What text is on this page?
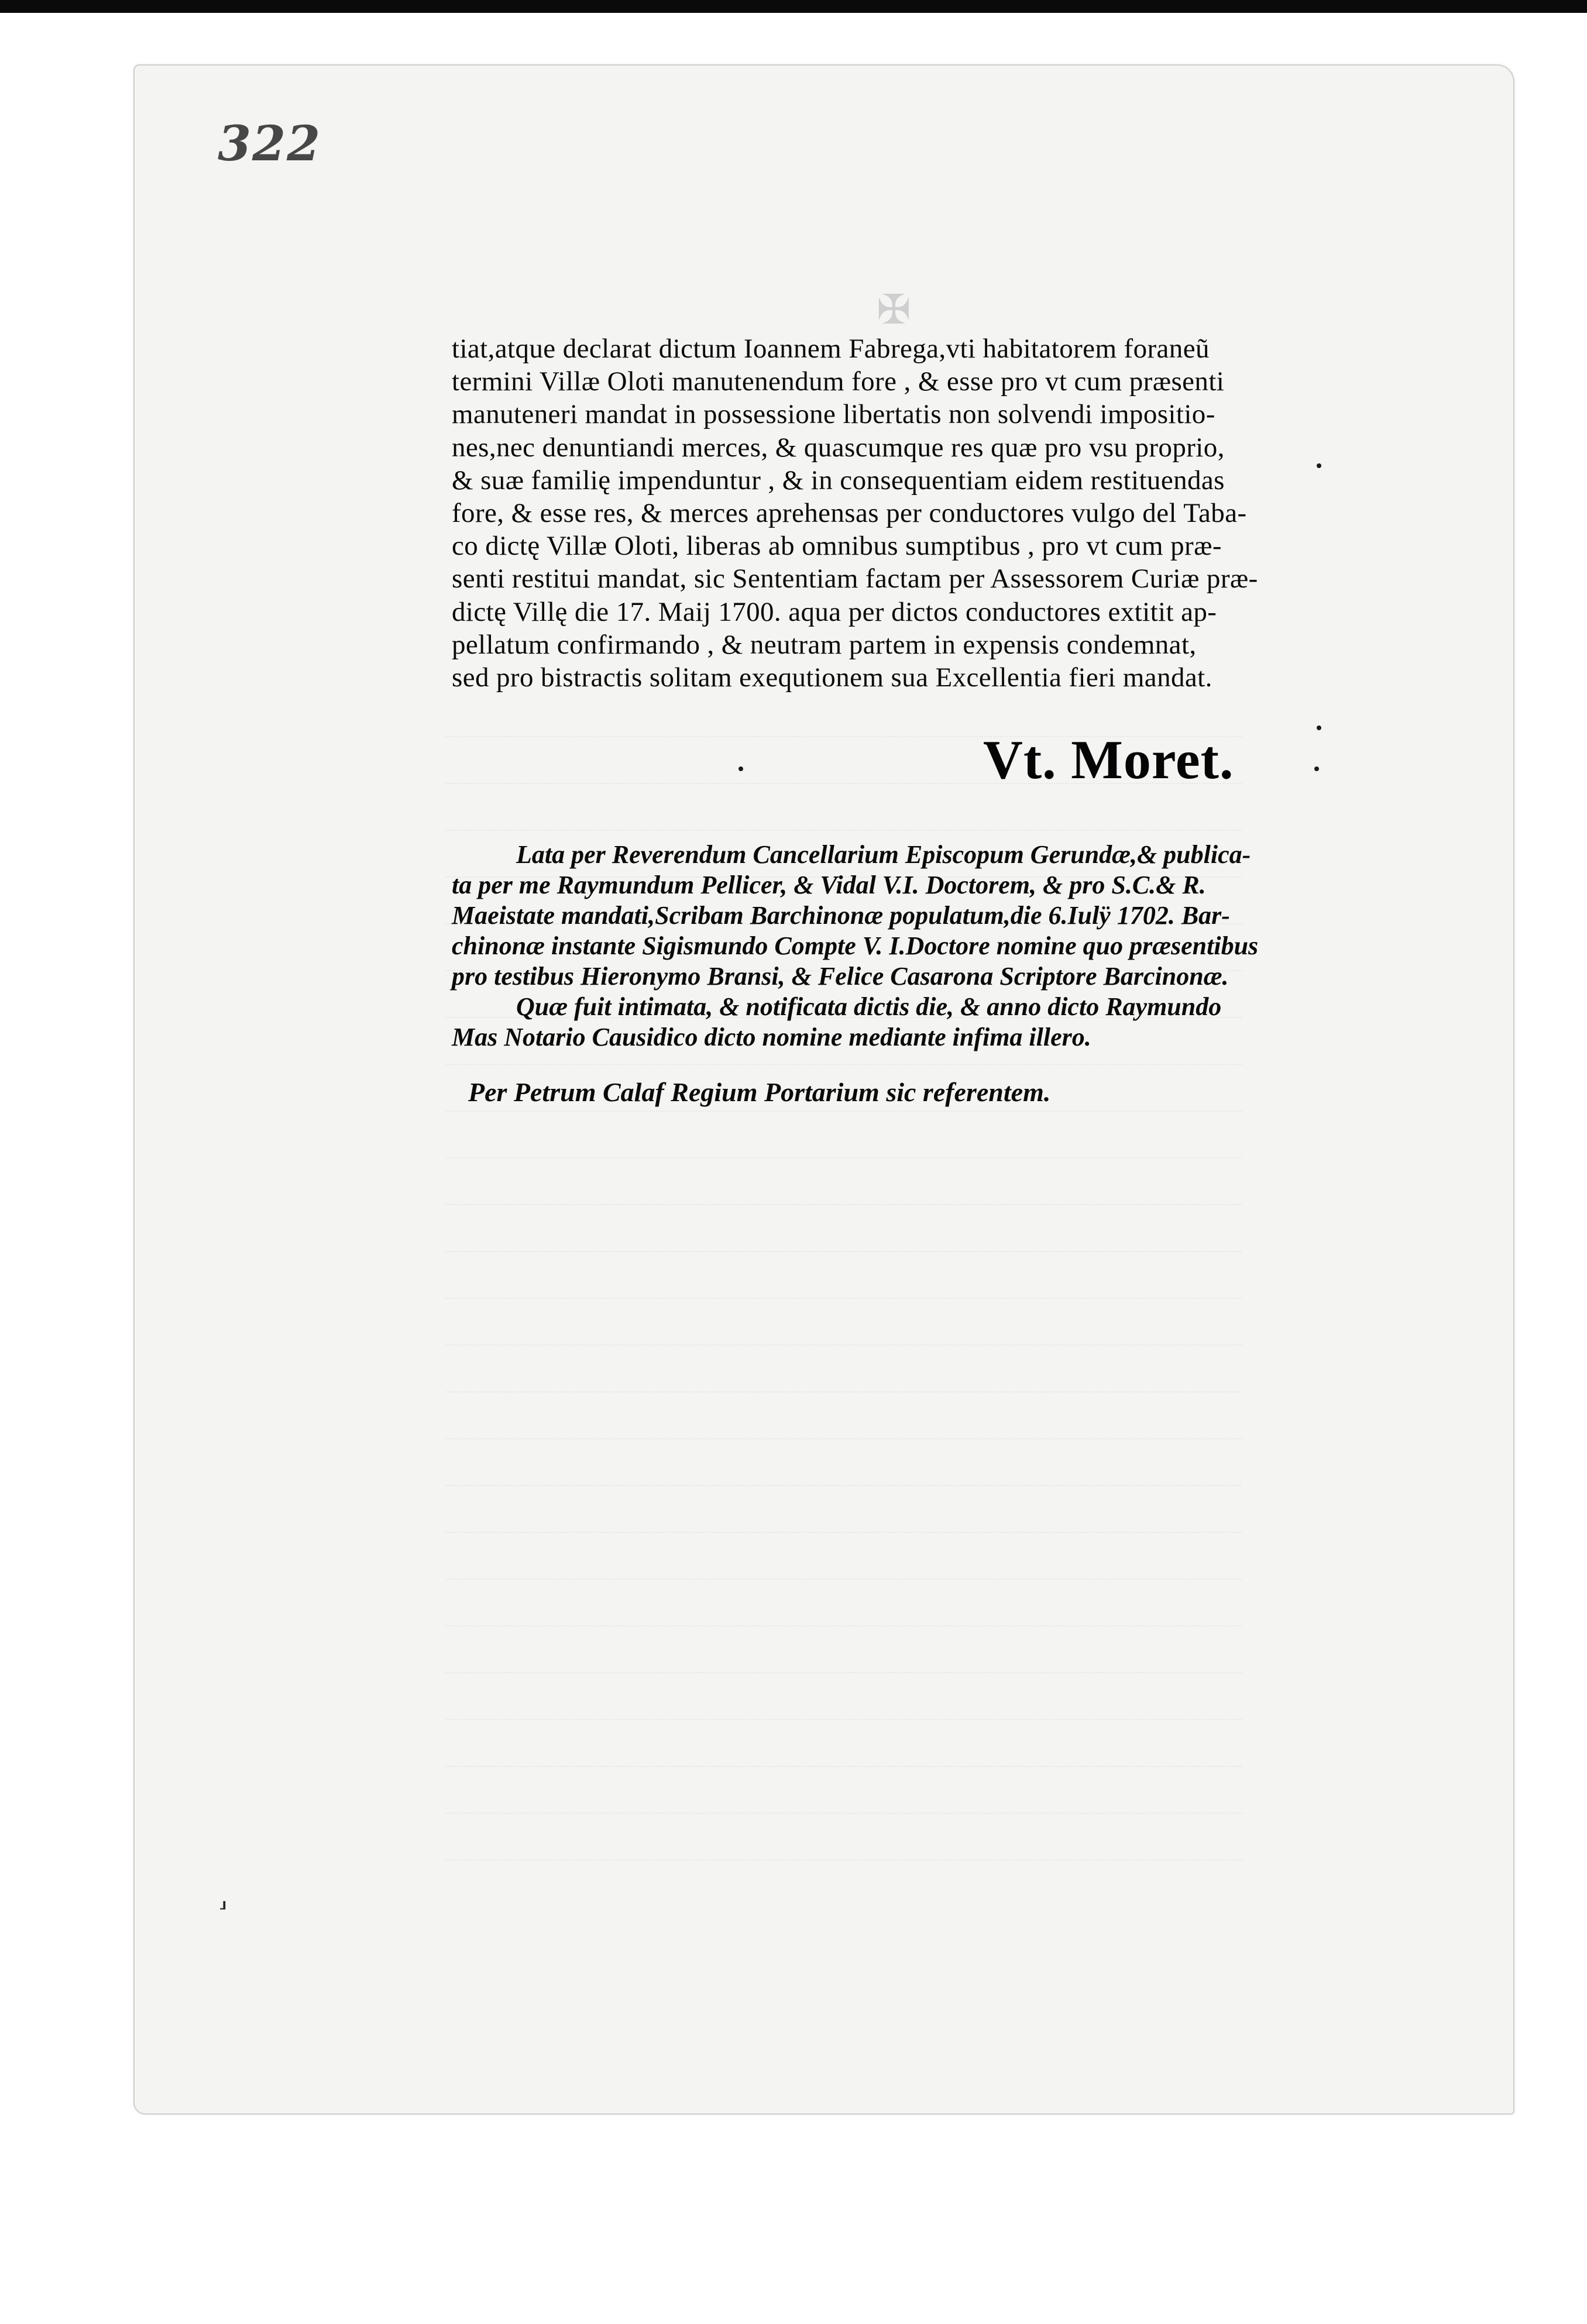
322
✠
tiat,atque declarat dictum Ioannem Fabrega,vti habitatorem foraneũ
termini Villæ Oloti manutenendum fore , & esse pro vt cum præsenti
manuteneri mandat in possessione libertatis non solvendi impositio-
nes,nec denuntiandi merces, & quascumque res quæ pro vsu proprio,
& suæ familię impenduntur , & in consequentiam eidem restituendas
fore, & esse res, & merces aprehensas per conductores vulgo del Taba-
co dictę Villæ Oloti, liberas ab omnibus sumptibus , pro vt cum præ-
senti restitui mandat, sic Sententiam factam per Assessorem Curiæ præ-
dictę Villę die 17. Maij 1700. aqua per dictos conductores extitit ap-
pellatum confirmando , & neutram partem in expensis condemnat,
sed pro bistractis solitam exequtionem sua Excellentia fieri mandat.
Vt. Moret.
Lata per Reverendum Cancellarium Episcopum Gerundæ,& publica-
ta per me Raymundum Pellicer, & Vidal V.I. Doctorem, & pro S.C.& R.
Maeistate mandati,Scribam Barchinonæ populatum,die 6.Iulÿ 1702. Bar-
chinonæ instante Sigismundo Compte V. I.Doctore nomine quo præsentibus
pro testibus Hieronymo Bransi, & Felice Casarona Scriptore Barcinonæ.
Quæ fuit intimata, & notificata dictis die, & anno dicto Raymundo
Mas Notario Causidico dicto nomine mediante infima illero.
Per Petrum Calaf Regium Portarium sic referentem.
⸥
